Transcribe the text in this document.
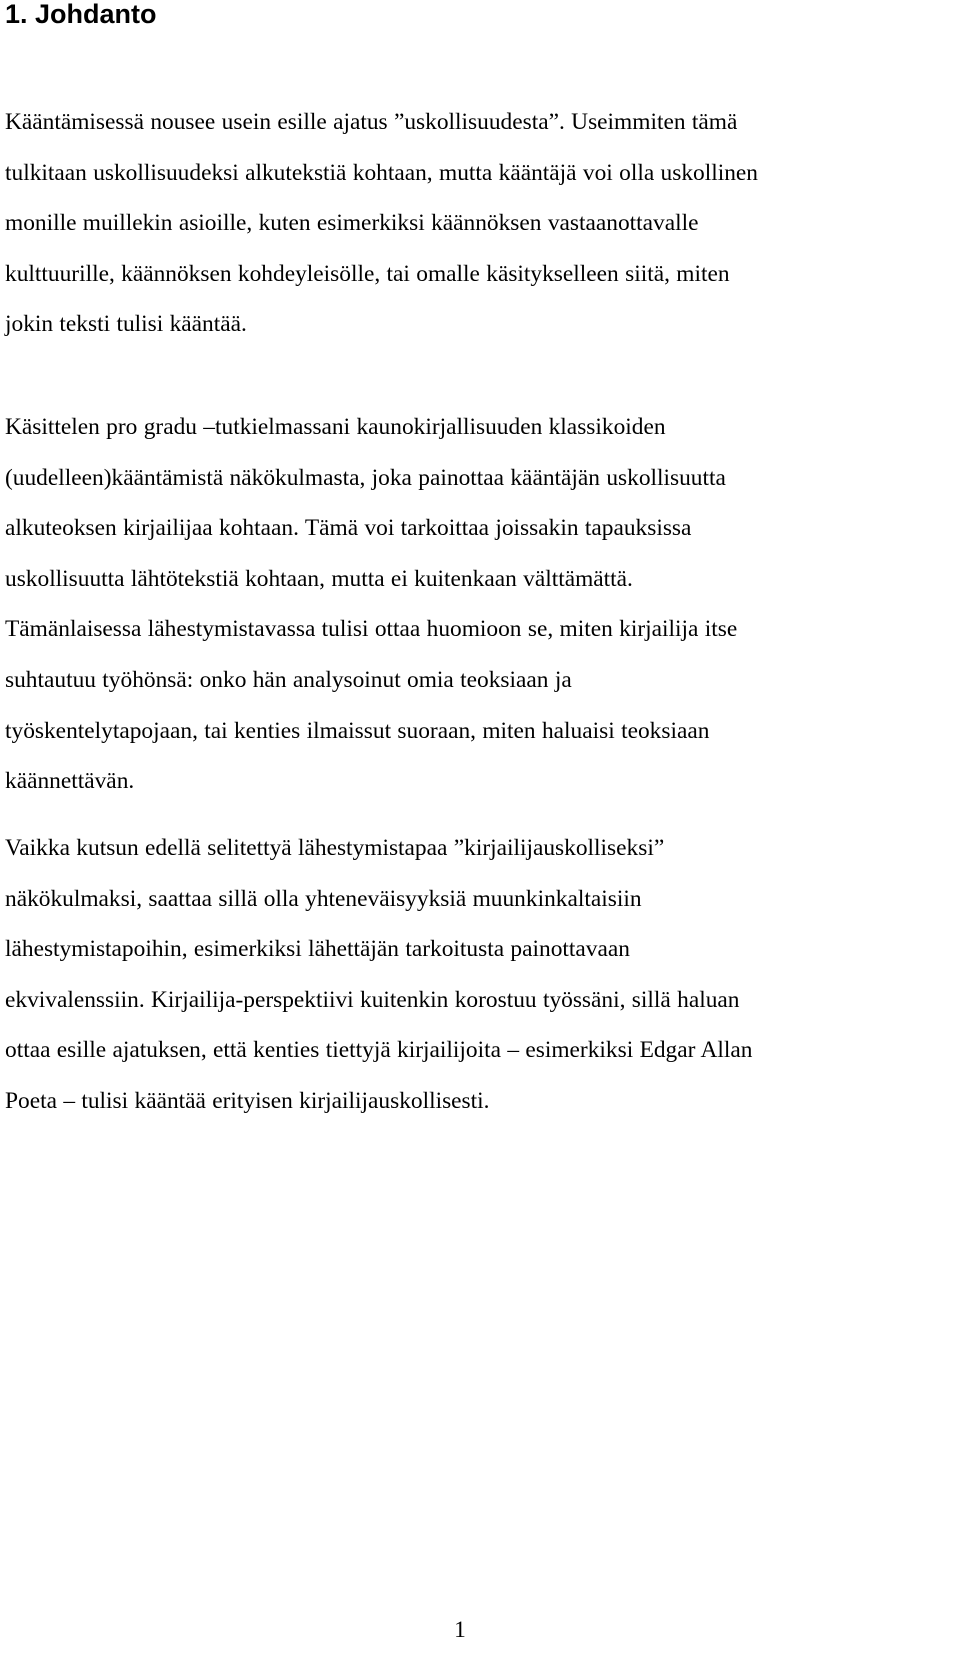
1. Johdanto

Kääntämisessä nousee usein esille ajatus ”uskollisuudesta”. Useimmiten tämä
tulkitaan uskollisuudeksi alkutekstiä kohtaan, mutta kääntäjä voi olla uskollinen
monille muillekin asioille, kuten esimerkiksi käännöksen vastaanottavalle
kulttuurille, käännöksen kohdeyleisölle, tai omalle käsitykselleen siitä, miten
jokin teksti tulisi kääntää.

Käsittelen pro gradu –tutkielmassani kaunokirjallisuuden klassikoiden
(uudelleen)kääntämistä näkökulmasta, joka painottaa kääntäjän uskollisuutta
alkuteoksen kirjailijaa kohtaan. Tämä voi tarkoittaa joissakin tapauksissa
uskollisuutta lähtötekstiä kohtaan, mutta ei kuitenkaan välttämättä.
Tämänlaisessa lähestymistavassa tulisi ottaa huomioon se, miten kirjailija itse
suhtautuu työhönsä: onko hän analysoinut omia teoksiaan ja
työskentelytapojaan, tai kenties ilmaissut suoraan, miten haluaisi teoksiaan
käännettävän.

Vaikka kutsun edellä selitettyä lähestymistapaa ”kirjailijauskolliseksi”
näkökulmaksi, saattaa sillä olla yhteneväisyyksiä muunkinkaltaisiin
lähestymistapoihin, esimerkiksi lähettäjän tarkoitusta painottavaan
ekvivalenssiin. Kirjailija-perspektiivi kuitenkin korostuu työssäni, sillä haluan
ottaa esille ajatuksen, että kenties tiettyjä kirjailijoita – esimerkiksi Edgar Allan
Poeta – tulisi kääntää erityisen kirjailijauskollisesti.

1
